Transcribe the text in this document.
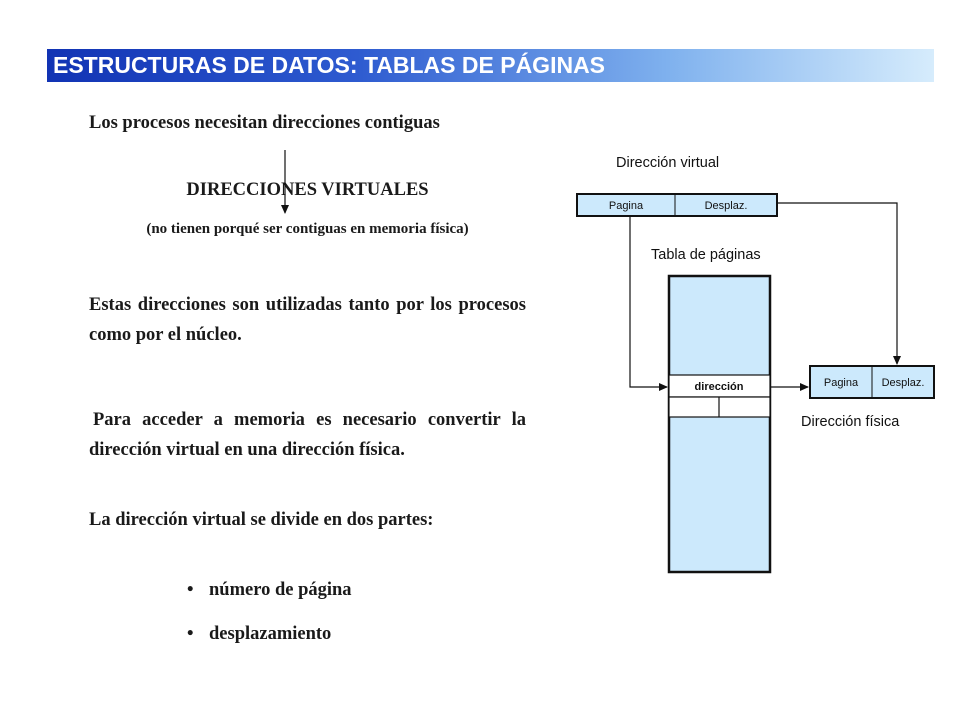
ESTRUCTURAS DE DATOS: TABLAS DE PÁGINAS
Los procesos necesitan direcciones contiguas
DIRECCIONES VIRTUALES
(no tienen porqué ser contiguas en memoria física)
Estas direcciones son utilizadas tanto por los procesos como por el núcleo.
Para acceder a memoria es necesario convertir la dirección virtual en una dirección física.
La dirección virtual se divide en dos partes:
• número de página
• desplazamiento
Pagina	Desplaz.
dirección	Pagina Desplaz.
Dirección virtual
Tabla de páginas
Dirección física
